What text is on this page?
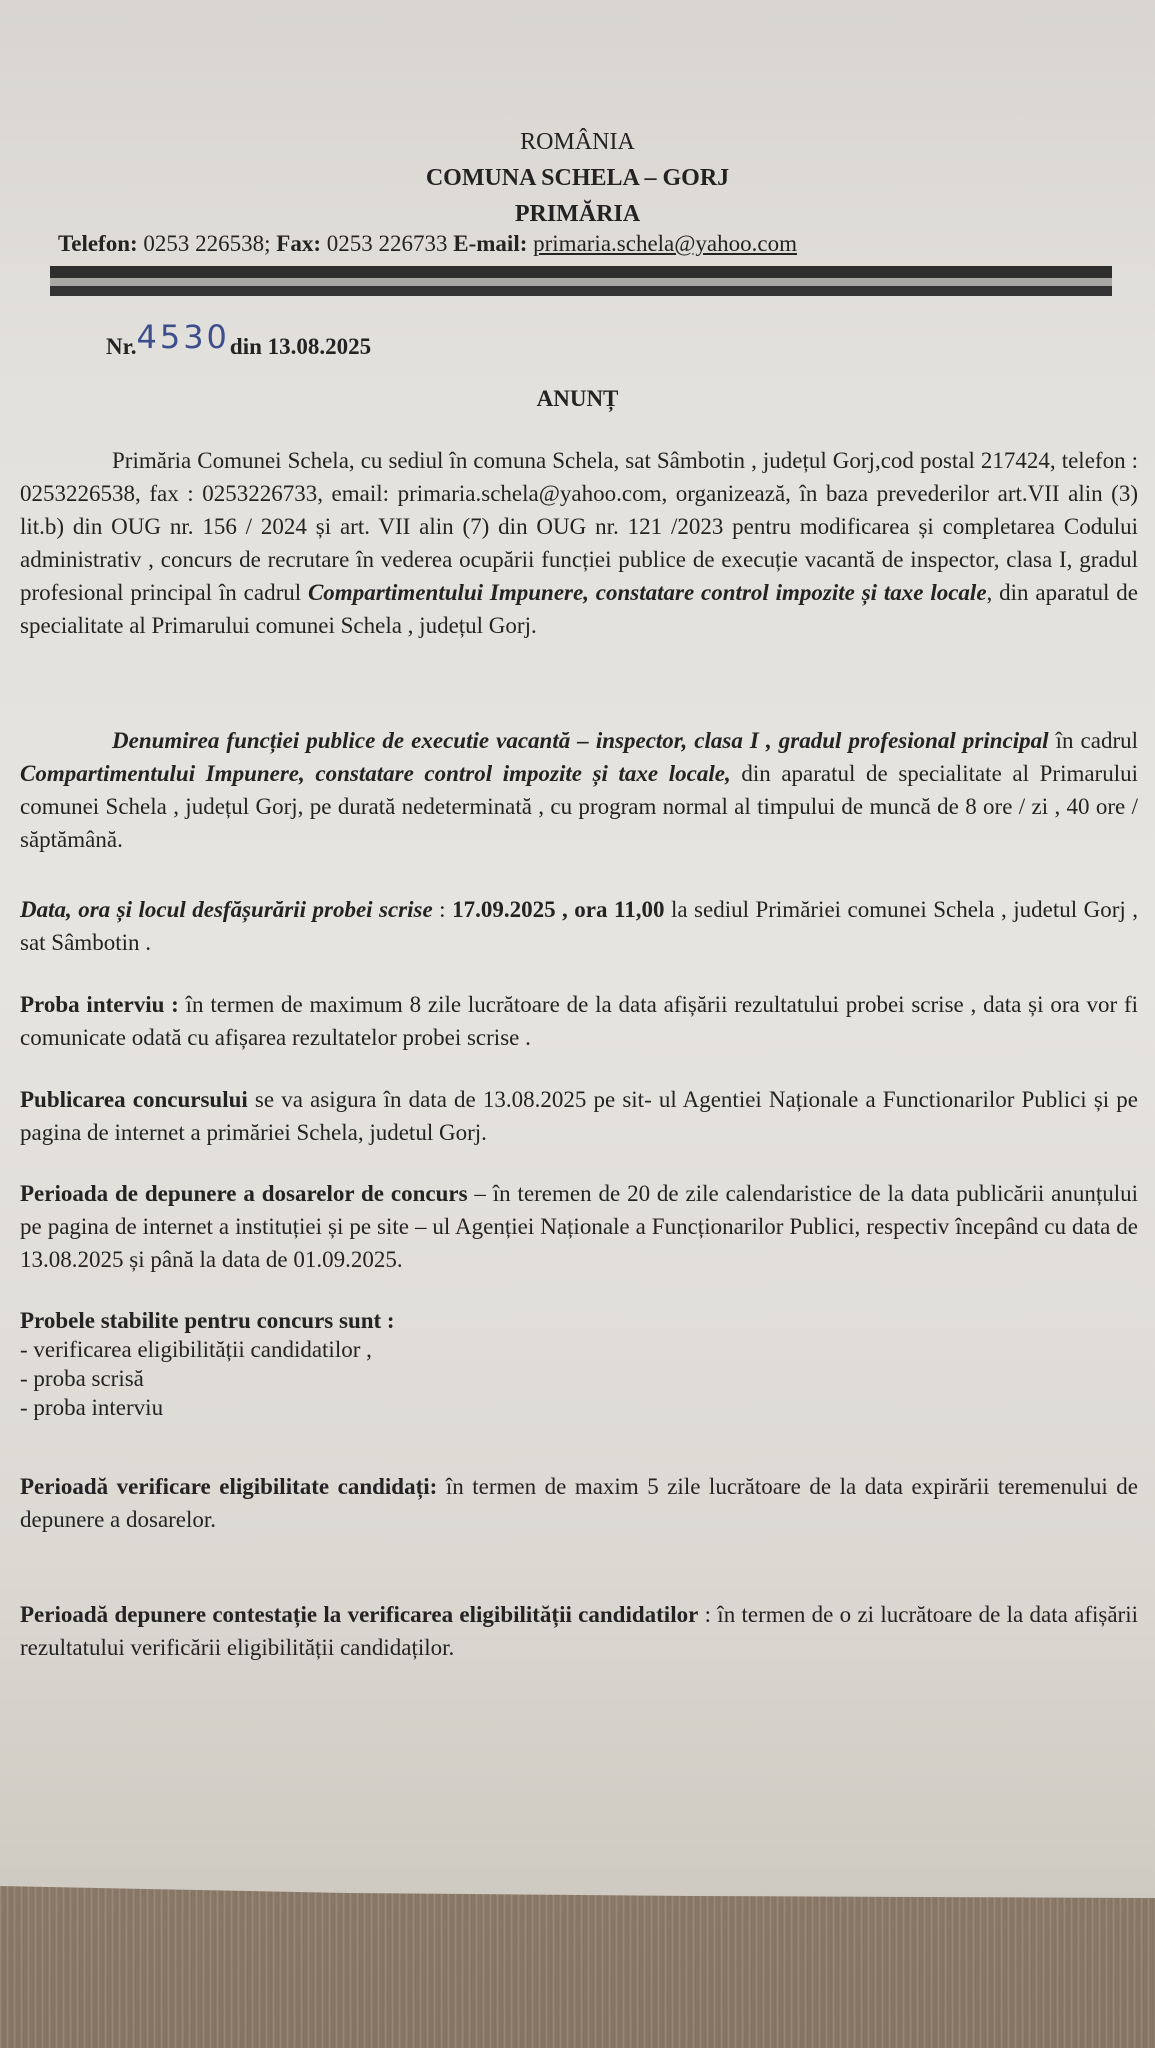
ROMÂNIA
COMUNA SCHELA – GORJ
PRIMĂRIA
Telefon: 0253 226538; Fax: 0253 226733 E-mail: primaria.schela@yahoo.com
Nr.4530din 13.08.2025
ANUNȚ
Primăria Comunei Schela, cu sediul în comuna Schela, sat Sâmbotin , județul Gorj,cod postal 217424, telefon : 0253226538, fax : 0253226733, email: primaria.schela@yahoo.com, organizează, în baza prevederilor art.VII alin (3) lit.b) din OUG nr. 156 / 2024 și art. VII alin (7) din OUG nr. 121 /2023 pentru modificarea și completarea Codului administrativ , concurs de recrutare în vederea ocupării funcției publice de execuție vacantă de inspector, clasa I, gradul profesional principal în cadrul Compartimentului Impunere, constatare control impozite și taxe locale, din aparatul de specialitate al Primarului comunei Schela , județul Gorj.
Denumirea funcției publice de executie vacantă – inspector, clasa I , gradul profesional principal în cadrul Compartimentului Impunere, constatare control impozite și taxe locale, din aparatul de specialitate al Primarului comunei Schela , județul Gorj, pe durată nedeterminată , cu program normal al timpului de muncă de 8 ore / zi , 40 ore / săptămână.
Data, ora și locul desfășurării probei scrise : 17.09.2025 , ora 11,00 la sediul Primăriei comunei Schela , judetul Gorj , sat Sâmbotin .
Proba interviu : în termen de maximum 8 zile lucrătoare de la data afișării rezultatului probei scrise , data și ora vor fi comunicate odată cu afișarea rezultatelor probei scrise .
Publicarea concursului se va asigura în data de 13.08.2025 pe sit- ul Agentiei Naționale a Functionarilor Publici și pe pagina de internet a primăriei Schela, judetul Gorj.
Perioada de depunere a dosarelor de concurs – în teremen de 20 de zile calendaristice de la data publicării anunțului pe pagina de internet a instituției și pe site – ul Agenției Naționale a Funcționarilor Publici, respectiv începând cu data de 13.08.2025 și până la data de 01.09.2025.
Probele stabilite pentru concurs sunt :
- verificarea eligibilității candidatilor ,
- proba scrisă
- proba interviu
Perioadă verificare eligibilitate candidați: în termen de maxim 5 zile lucrătoare de la data expirării teremenului de depunere a dosarelor.
Perioadă depunere contestație la verificarea eligibilității candidatilor : în termen de o zi lucrătoare de la data afișării rezultatului verificării eligibilității candidaților.
